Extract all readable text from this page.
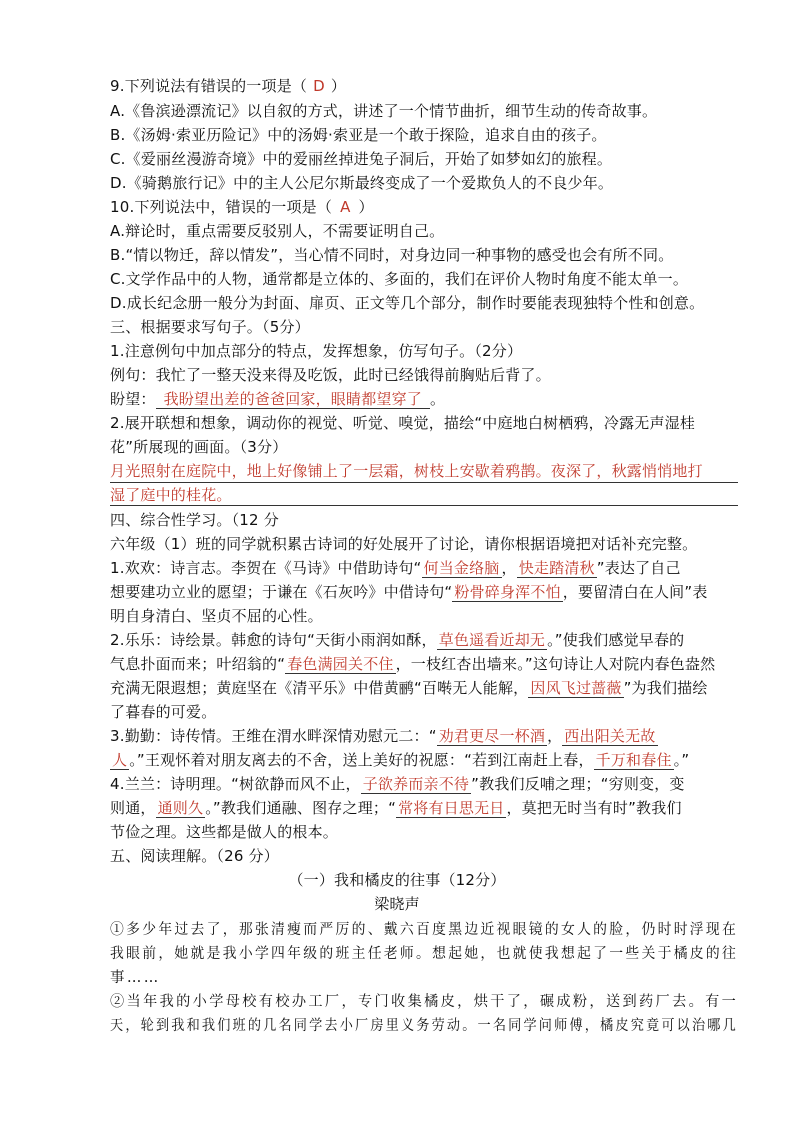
9.下列说法有错误的一项是（ D ）
A.《鲁滨逊漂流记》以自叙的方式，讲述了一个情节曲折，细节生动的传奇故事。
B.《汤姆·索亚历险记》中的汤姆·索亚是一个敢于探险，追求自由的孩子。
C.《爱丽丝漫游奇境》中的爱丽丝掉进兔子洞后，开始了如梦如幻的旅程。
D.《骑鹅旅行记》中的主人公尼尔斯最终变成了一个爱欺负人的不良少年。
10.下列说法中，错误的一项是（ A ）
A.辩论时，重点需要反驳别人，不需要证明自己。
B.“情以物迁，辞以情发”，当心情不同时，对身边同一种事物的感受也会有所不同。
C.文学作品中的人物，通常都是立体的、多面的，我们在评价人物时角度不能太单一。
D.成长纪念册一般分为封面、扉页、正文等几个部分，制作时要能表现独特个性和创意。
三、根据要求写句子。（5分）
1.注意例句中加点部分的特点，发挥想象，仿写句子。（2分）
例句：我忙了一整天没来得及吃饭，此时已经饿得前胸贴后背了。
盼望： 我盼望出差的爸爸回家，眼睛都望穿了 。
2.展开联想和想象，调动你的视觉、听觉、嗅觉，描绘“中庭地白树栖鸦，冷露无声湿桂
花”所展现的画面。（3分）
月光照射在庭院中，地上好像铺上了一层霜，树枝上安歇着鸦鹊。夜深了，秋露悄悄地打
湿了庭中的桂花。
四、综合性学习。（12 分
六年级（1）班的同学就积累古诗词的好处展开了讨论，请你根据语境把对话补充完整。
1.欢欢：诗言志。李贺在《马诗》中借助诗句“ 何当金络脑 ， 快走踏清秋 ”表达了自己
想要建功立业的愿望；于谦在《石灰吟》中借诗句“ 粉骨碎身浑不怕 ，要留清白在人间”表
明自身清白、坚贞不屈的心性。
2.乐乐：诗绘景。韩愈的诗句“天街小雨润如酥， 草色遥看近却无 。”使我们感觉早春的
气息扑面而来；叶绍翁的“ 春色满园关不住 ，一枝红杏出墙来。”这句诗让人对院内春色盎然
充满无限遐想；黄庭坚在《清平乐》中借黄鹂“百啭无人能解， 因风飞过蔷薇 ”为我们描绘
了暮春的可爱。
3.勤勤：诗传情。王维在渭水畔深情劝慰元二：“ 劝君更尽一杯酒 ， 西出阳关无故
人 。”王观怀着对朋友离去的不舍，送上美好的祝愿：“若到江南赶上春， 千万和春住 。”
4.兰兰：诗明理。“树欲静而风不止， 子欲养而亲不待 ”教我们反哺之理；“穷则变，变
则通， 通则久 。”教我们通融、图存之理；“ 常将有日思无日 ，莫把无时当有时”教我们
节俭之理。这些都是做人的根本。
五、阅读理解。（26 分）
（一）我和橘皮的往事（12分）
梁晓声
①多少年过去了，那张清瘦而严厉的、戴六百度黑边近视眼镜的女人的脸，仍时时浮现在
我眼前，她就是我小学四年级的班主任老师。想起她，也就使我想起了一些关于橘皮的往
事……
②当年我的小学母校有校办工厂，专门收集橘皮，烘干了，碾成粉，送到药厂去。有一
天，轮到我和我们班的几名同学去小厂房里义务劳动。一名同学问师傅，橘皮究竟可以治哪几
